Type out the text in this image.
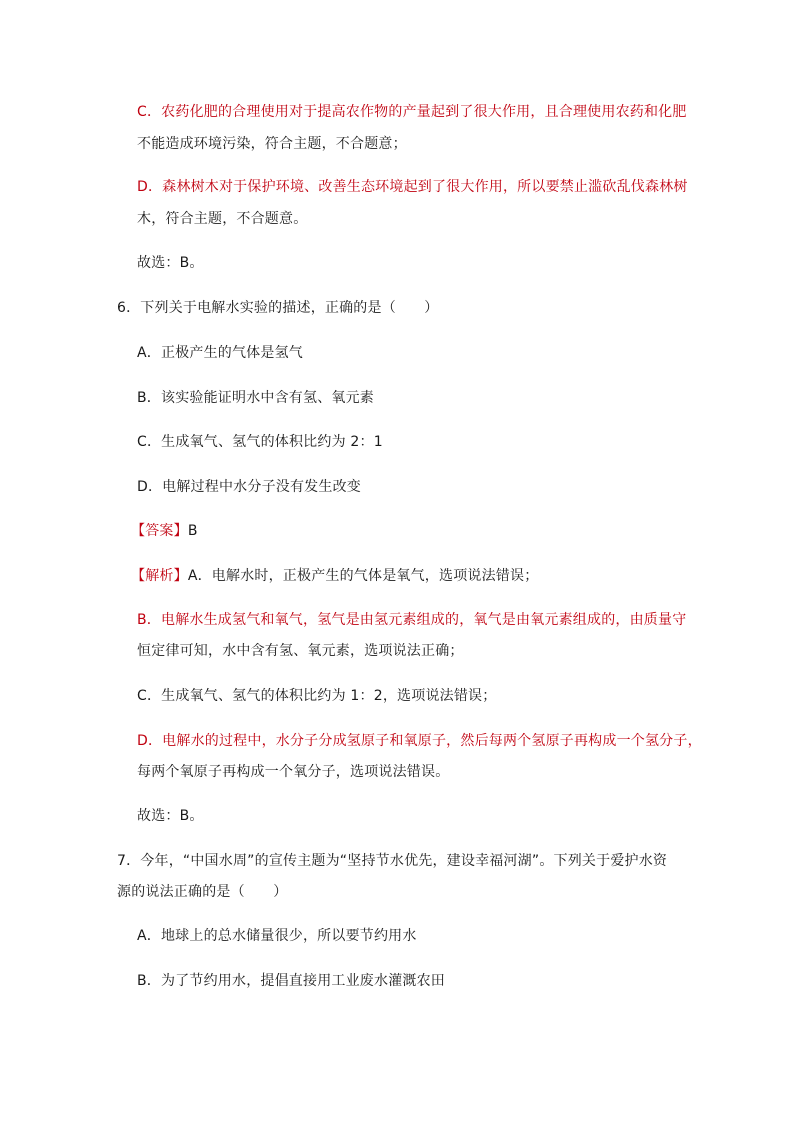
C．农药化肥的合理使用对于提高农作物的产量起到了很大作用，且合理使用农药和化肥
不能造成环境污染，符合主题，不合题意；
D．森林树木对于保护环境、改善生态环境起到了很大作用，所以要禁止滥砍乱伐森林树
木，符合主题，不合题意。
故选：B。
6．下列关于电解水实验的描述，正确的是（　　）
A．正极产生的气体是氢气
B．该实验能证明水中含有氢、氧元素
C．生成氧气、氢气的体积比约为 2：1
D．电解过程中水分子没有发生改变
【答案】B
【解析】A．电解水时，正极产生的气体是氧气，选项说法错误；
B．电解水生成氢气和氧气，氢气是由氢元素组成的，氧气是由氧元素组成的，由质量守
恒定律可知，水中含有氢、氧元素，选项说法正确；
C．生成氧气、氢气的体积比约为 1：2，选项说法错误；
D．电解水的过程中，水分子分成氢原子和氧原子，然后每两个氢原子再构成一个氢分子，
每两个氧原子再构成一个氧分子，选项说法错误。
故选：B。
7．今年，“中国水周”的宣传主题为“坚持节水优先，建设幸福河湖”。下列关于爱护水资
源的说法正确的是（　　）
A．地球上的总水储量很少，所以要节约用水
B．为了节约用水，提倡直接用工业废水灌溉农田
